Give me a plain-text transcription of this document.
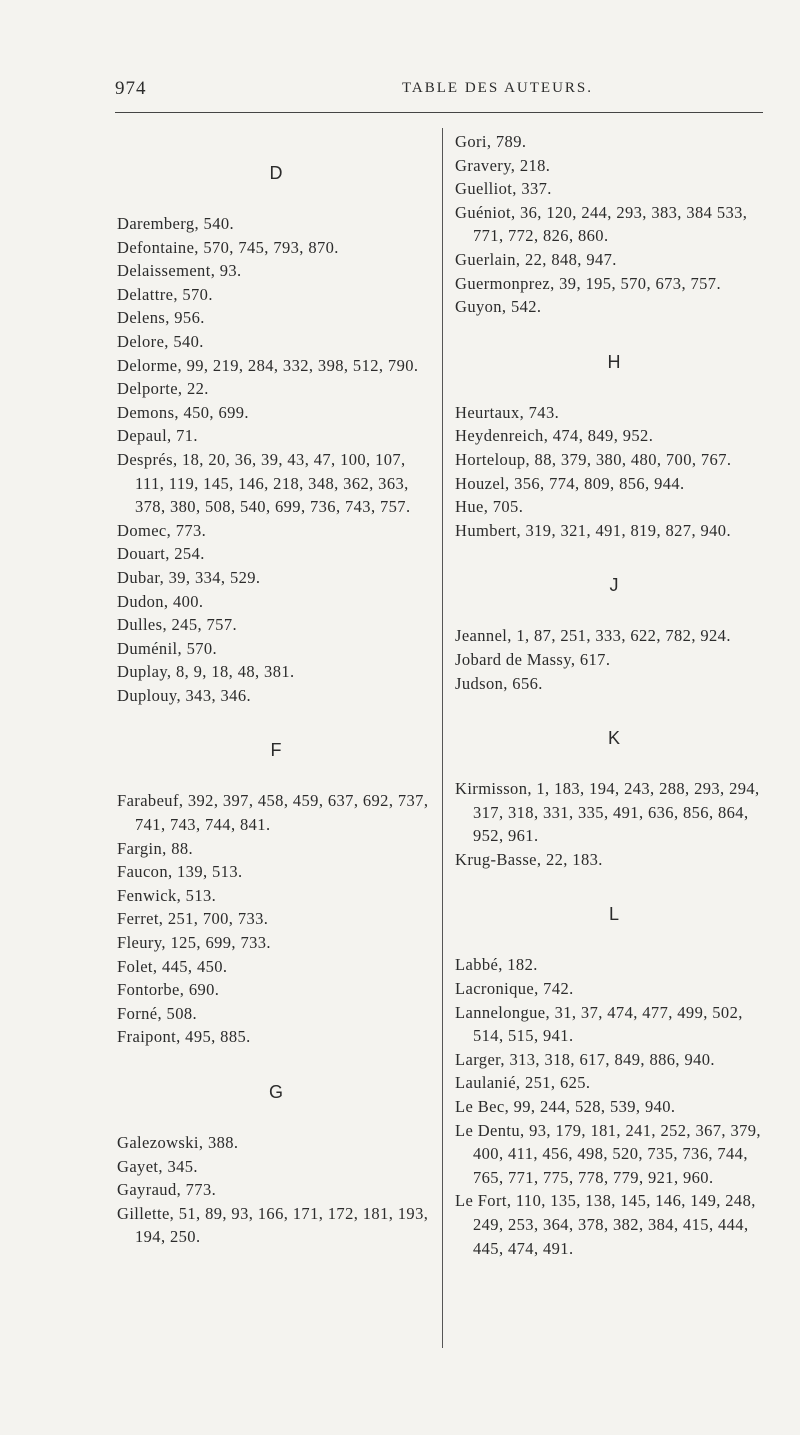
974	TABLE DES AUTEURS.
D
Daremberg, 540.
Defontaine, 570, 745, 793, 870.
Delaissement, 93.
Delattre, 570.
Delens, 956.
Delore, 540.
Delorme, 99, 219, 284, 332, 398, 512, 790.
Delporte, 22.
Demons, 450, 699.
Depaul, 71.
Després, 18, 20, 36, 39, 43, 47, 100, 107, 111, 119, 145, 146, 218, 348, 362, 363, 378, 380, 508, 540, 699, 736, 743, 757.
Domec, 773.
Douart, 254.
Dubar, 39, 334, 529.
Dudon, 400.
Dulles, 245, 757.
Duménil, 570.
Duplay, 8, 9, 18, 48, 381.
Duplouy, 343, 346.
F
Farabeuf, 392, 397, 458, 459, 637, 692, 737, 741, 743, 744, 841.
Fargin, 88.
Faucon, 139, 513.
Fenwick, 513.
Ferret, 251, 700, 733.
Fleury, 125, 699, 733.
Folet, 445, 450.
Fontorbe, 690.
Forné, 508.
Fraipont, 495, 885.
G
Galezowski, 388.
Gayet, 345.
Gayraud, 773.
Gillette, 51, 89, 93, 166, 171, 172, 181, 193, 194, 250.
Gori, 789.
Gravery, 218.
Guelliot, 337.
Guéniot, 36, 120, 244, 293, 383, 384 533, 771, 772, 826, 860.
Guerlain, 22, 848, 947.
Guermonprez, 39, 195, 570, 673, 757.
Guyon, 542.
H
Heurtaux, 743.
Heydenreich, 474, 849, 952.
Horteloup, 88, 379, 380, 480, 700, 767.
Houzel, 356, 774, 809, 856, 944.
Hue, 705.
Humbert, 319, 321, 491, 819, 827, 940.
J
Jeannel, 1, 87, 251, 333, 622, 782, 924.
Jobard de Massy, 617.
Judson, 656.
K
Kirmisson, 1, 183, 194, 243, 288, 293, 294, 317, 318, 331, 335, 491, 636, 856, 864, 952, 961.
Krug-Basse, 22, 183.
L
Labbé, 182.
Lacronique, 742.
Lannelongue, 31, 37, 474, 477, 499, 502, 514, 515, 941.
Larger, 313, 318, 617, 849, 886, 940.
Laulanié, 251, 625.
Le Bec, 99, 244, 528, 539, 940.
Le Dentu, 93, 179, 181, 241, 252, 367, 379, 400, 411, 456, 498, 520, 735, 736, 744, 765, 771, 775, 778, 779, 921, 960.
Le Fort, 110, 135, 138, 145, 146, 149, 248, 249, 253, 364, 378, 382, 384, 415, 444, 445, 474, 491.
